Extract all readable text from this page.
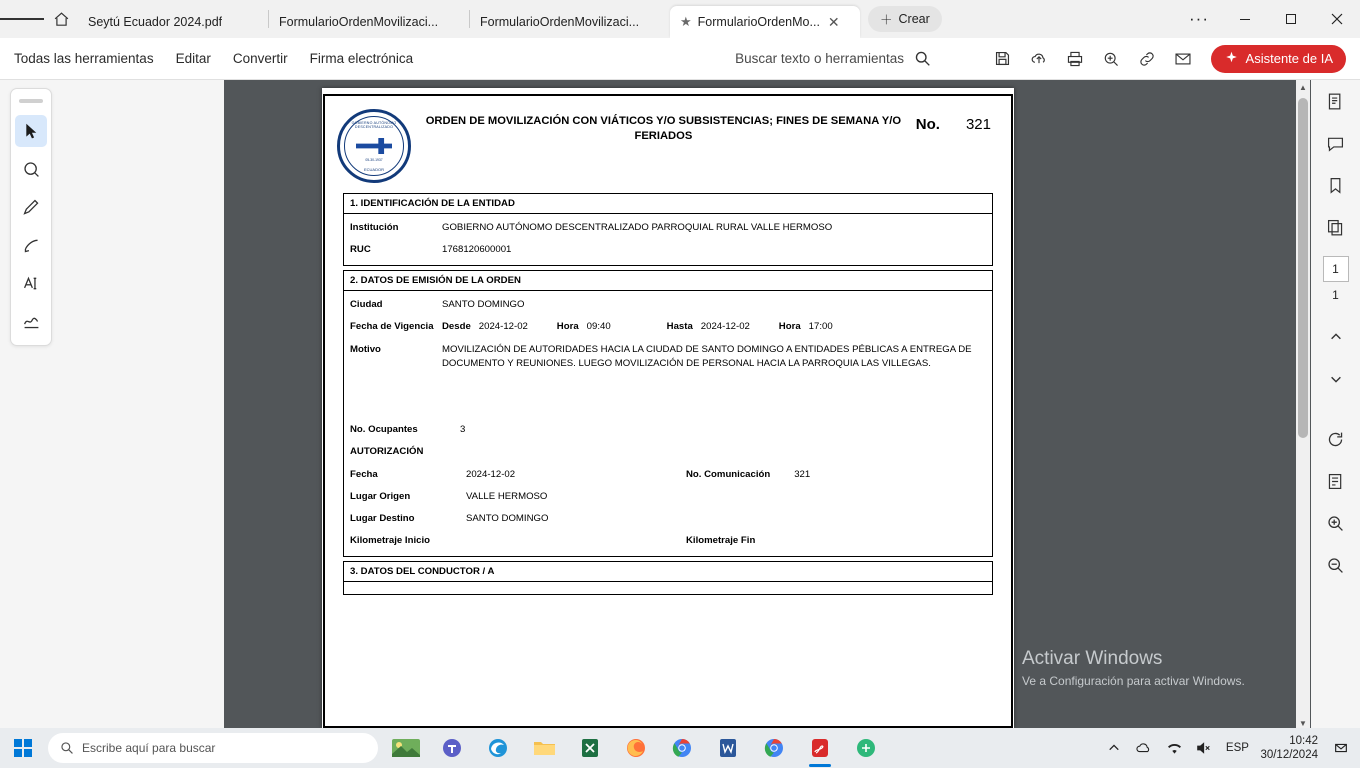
Seytú Ecuador 2024.pdf	FormularioOrdenMovilizaci...	FormularioOrdenMovilizaci...	★ FormularioOrdenMo... ✕	＋ Crear	···
Todas las herramientas Editar Convertir Firma electrónica	Buscar texto o herramientas	Asistente de IA
GOBIERNO AUTÓNOMO DESCENTRALIZADO
05-30-1937
ECUADOR
ORDEN DE MOVILIZACIÓN CON VIÁTICOS Y/O SUBSISTENCIAS; FINES DE SEMANA Y/O FERIADOS
No. 321
1. IDENTIFICACIÓN DE LA ENTIDAD
Institución	GOBIERNO AUTÓNOMO DESCENTRALIZADO PARROQUIAL RURAL VALLE HERMOSO
RUC	1768120600001
2. DATOS DE EMISIÓN DE LA ORDEN
Ciudad	SANTO DOMINGO
Fecha de Vigencia Desde 2024-12-02	Hora 09:40	Hasta 2024-12-02	Hora 17:00
Motivo	MOVILIZACIÓN DE AUTORIDADES HACIA LA CIUDAD DE SANTO DOMINGO A ENTIDADES PÉBLICAS A ENTREGA DE DOCUMENTO Y REUNIONES. LUEGO MOVILIZACIÓN DE PERSONAL HACIA LA PARROQUIA LAS VILLEGAS.
No. Ocupantes	3
AUTORIZACIÓN
Fecha	2024-12-02	No. Comunicación	321
Lugar Origen	VALLE HERMOSO
Lugar Destino	SANTO DOMINGO
Kilometraje Inicio	Kilometraje Fin
3. DATOS DEL CONDUCTOR / A
Activar Windows
Ve a Configuración para activar Windows.
▲
▼
1
1
Escribe aquí para buscar	ESP
10:42
30/12/2024
